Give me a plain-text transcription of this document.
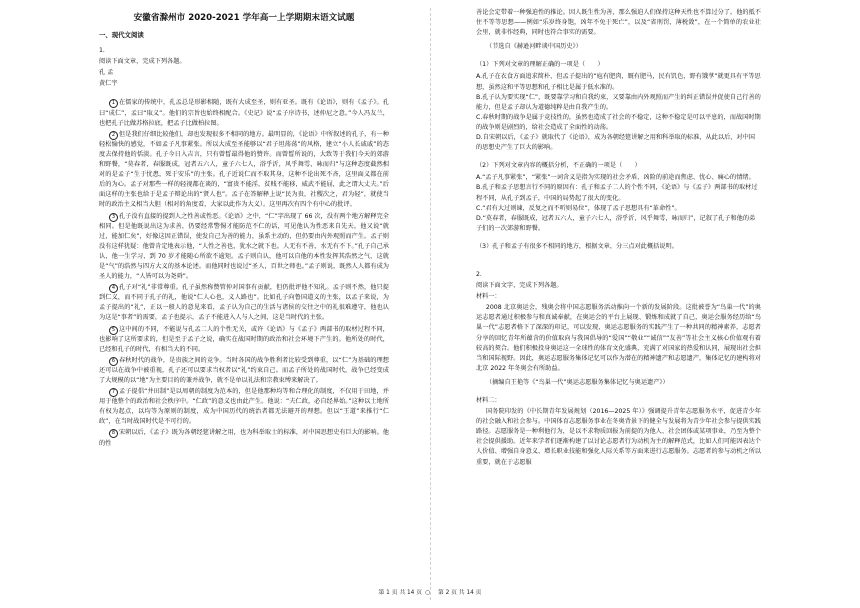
安徽省滁州市 2020-2021 学年高一上学期期末语文试题
一、现代文阅读
1.
阅读下面文章，完成下列各题。
孔 孟
黄仁宇
1 在儒家的传统中，孔孟总是形影相随，既有大成至圣，则有亚圣。既有《论语》，则有《孟子》。孔曰“成仁”，孟曰“取义”。他们的宗旨也始终相配合。《史记》说“孟子序诗书，述仲尼之意。”今人冯友兰，也把孔子比做苏格拉底，把孟子比做柏拉图。
2 但是我们仔细比较他们，却也发现很多不相同的地方。最明显的，《论语》中所叙述的孔子，有一种轻松愉快的感觉，不如孟子凡事紧张。所以大成至圣能够以“君子坦荡荡”的风格，建立“小人长戚戚”的态度去保持他的恬淡。孔子今日入吉言，只有曾晳最得他的赞许。而曾晳所说的，大致等于我们今天的郊游和野餐，“莫春者，春服既成，冠者五六人，童子六七人，浴乎沂，风乎舞雩，咏而归”与这种态度截然相对的是孟子“生于忧患，死于安乐”的主张。孔子近说仁而不取其身，这种不论出死不吝，这里面义都在前后的为心。孟子对那些一样的轻视都在谈的，“富贵不能淫，贫贱不能移，威武不能屈，此之谓大丈夫。”后面这样的主张也给于是孟子辩论出的“贤人也”。孟子在答解释上说“民为贵，社稷次之，君为轻”，就使当时的政治主义相当大胆（相对的角度看，大家以此作为大义）。这里再次有四个有中心的批评。
3 孔子没有直接的提到人之性善或性恶。《论语》之中，“仁”字出现了 66 次，没有两个地方解释完全相同。但是他既说出这为求善，仍要经常警惕才能防范不仁的话，可见他认为性恶来自先天。他又说“就过，能加仁矣”，好像这因正错误，使发自己为善的能力，虽系主动的，但仍要由内外观照而产生。孟子则没有这样犹疑：他曾肯定地表示他，“人性之善也，犹水之就下也。人无有不善，水无有不下。”孔子自己承认，他一生学习，到 70 岁才能随心所欲不逾矩。孟子则自认，他可以自他的本性发挥其浩然之气，这就是“气”的浩然与四方大义的基本论述。而他同时也说过“圣人，百世之师也。”孟子则说，既然人人都有成为圣人的能力，“人皆可以为尧舜”。
4 孔子对“礼”非常尊重。孔子虽然称赞管仲对国事有贡献，但仍批评他不知礼。孟子则不然，他只提到仁义，而不同于孔子的礼，他说“仁人心也，义人路也”。比如孔子向鲁国道义的主张，以孟子来说，为孟子提出的“礼”，正以一般人的意见来看，孟子认为自己的生活与诸侯的交往之中的礼很难遵守，他也认为这是“事者”的需要，孟子也提示，孟子不能进入人与人之间，这是当时代的主张。
5 这中间的不同，不能说与孔孟二人的个性无关，或许《论语》与《孟子》两部书的取材过程不同，也影响了这所要求的，但是至于孟子之说，确实在战国时期的政治和社会环境下产生的。他所处的时代，已经和孔子的时代，有相当大的不同。
6 春秋时代的战争，是贵族之间的竞争。当时各国的战争胜利者比较受到尊重，以“仁”为基础的理想还可以在战争中被重视，孔子还可以要求当权者以“礼”约束自己。而孟子所处的战国时代，战争已经变成了大规模的以“地”为主要目的的兼并战争，就不是单以礼法和宗教束缚来解决了。
7 孟子提倡“井田制”是以周朝的制度为范本的，但是他那种均等和合理化的制度，不仅用于田地，并用于他整个的政治和社会秩序中。“仁政”的意义也由此产生。他说：“夫仁政，必自经界始。”这种以土地所有权为起点，以均等为原则的制度，成为中国历代的统治者都无法避开的理想。但以“王道”来推行“仁政”，在当时战国时代是不可行的。
8 宋朝以后，《孟子》既为各朝经筵讲解之用，也为科举取士的标准，对中国思想史有巨大的影响。他的性
第 1 页 共 14 页 ○
善论会定带着一种强迫性的推论。因人既生性为善，那么强迫人们保持这种天性也不算过分了。他的抵不住不等等思想——例如“乐岁终身饱，凶年不免于死亡”，以及“省刑罚，薄税敛”，在一个简单的农业社会里，就非作经典，同时也符合事实的需要。
（节选自《赫逊河畔谈中国历史》）
（1）下列对文章的理解正确的一项是（　　）
A.孔子在衣食方面追求简朴，但孟子提出的“庖有肥肉，厩有肥马，民有饥色，野有饿莩”就更具有平等思想，虽然这和平等思想和孔子相比是属于低水准的。
B.孔子认为要实现“仁”，既要靠学习和自我约束，又要靠由内外观照而产生的纠正错误并促使自己行善的能力，但是孟子却认为道德纯粹是由自我产生的。
C.春秋时期的战争是属于竞技性的，虽然也造成了社会的不稳定，这种不稳定是可以平息的，而战国时期的战争则是剧烈的，给社会造成了全面性的动荡。
D.自宋朝以后，《孟子》就取代了《论语》，成为各朝经筵讲解之用和科举取的标准，从此以后，对中国的思想史产生了巨大的影响。
（2）下列对文章内容的概括分析，不正确的一项是（　　）
A.“孟子凡事紧张”，“紧张”一词含义是指为实现的社会矛盾、凶险的前途而焦虑、忧心、痛心的情绪。
B.孔子和孟子思想言行不同的原因有：孔子和孟子二人的个性不同，《论语》与《孟子》两部书的取材过程不同，从孔子到孟子，中国的局势起了很大的变化。
C.“君有大过则谏，反复之而不听则易位”，体现了孟子思想具有“革命性”。
D.“莫春者，春服既成，冠者五六人，童子六七人，浴乎沂，风乎舞雩，咏而归”，记叙了孔子和他的弟子们的一次郊游和野餐。
（3）孔子和孟子有很多不相同的地方，根据文章，分三点对此概括说明。
2.
阅读下面文字，完成下列各题。
材料一：
2008 北京奥运会，残奥会将中国志愿服务活动推向一个新的发展阶段。这批被誉为“鸟巢一代”的奥运志愿者通过积极参与和真诚奉献，在奥运会的平台上展现、锻炼和成就了自己，奥运会服务经历给“鸟巢一代”志愿者格下了深深的印记，可以发现，奥运志愿服务的实践产生了一种共同的精神素养，志愿者分享的回忆青年所蕴含的价值取向与我国倡导的“爱国”“敬业”“诚信”“友善”等社会主义核心价值观有着较高的契合。他们积极投身奥运这一全球性的体育文化盛典，充满了对国家的热爱和认同，展现出社会担当和国际视野。因此，奥运志愿服务集体记忆可以作为潜在的精神遗产和志愿遗产，集体记忆的建构将对北京 2022 年冬奥会有所助益。
（摘编自王艳等《“鸟巢一代”奥运志愿服务集体记忆与奥运遗产》）
材料二：
国务院印发的《中长期青年发展规划（2016—2025 年）》强调提升青年志愿服务水平，促进青少年的社会融入和社会参与。中国体育志愿服务事业在冬奥背景下的健全与发展将为青少年社会参与提供实践路径。志愿服务是一种利他行为，是以不求物质回报为前提的为他人、社会团体或某项事业，乃至为整个社会提供援助。近年来学者们逐渐构建了以讨论志愿者行为动机为主的解释范式，比如人们可能因表达个人价值、增强自身意义、增长职业技能和强化人际关系等方面来进行志愿服务。志愿者的参与动机之所以重要，就在于志愿服
第 2 页 共 14 页
